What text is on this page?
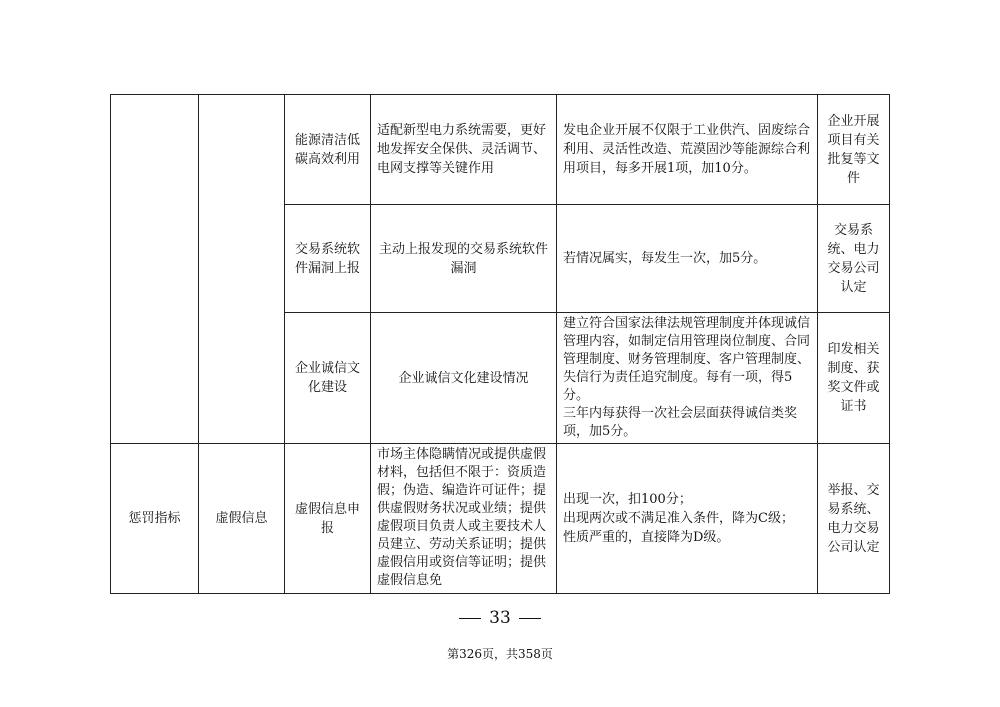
		能源清洁低碳高效利用	适配新型电力系统需要，更好地发挥安全保供、灵活调节、电网支撑等关键作用	发电企业开展不仅限于工业供汽、固废综合利用、灵活性改造、荒漠固沙等能源综合利用项目，每多开展1项，加10分。	企业开展项目有关批复等文件
		交易系统软件漏洞上报	主动上报发现的交易系统软件漏洞	若情况属实，每发生一次，加5分。	交易系统、电力交易公司认定
		企业诚信文化建设	企业诚信文化建设情况	建立符合国家法律法规管理制度并体现诚信管理内容，如制定信用管理岗位制度、合同管理制度、财务管理制度、客户管理制度、失信行为责任追究制度。每有一项，得5分。
三年内每获得一次社会层面获得诚信类奖项，加5分。	印发相关制度、获奖文件或证书
惩罚指标	虚假信息	虚假信息申报	市场主体隐瞒情况或提供虚假材料，包括但不限于：资质造假；伪造、编造许可证件；提供虚假财务状况或业绩；提供虚假项目负责人或主要技术人员建立、劳动关系证明；提供虚假信用或资信等证明；提供虚假信息免	出现一次，扣100分；
出现两次或不满足准入条件，降为C级；
性质严重的，直接降为D级。	举报、交易系统、电力交易公司认定
33
第326页，共358页
